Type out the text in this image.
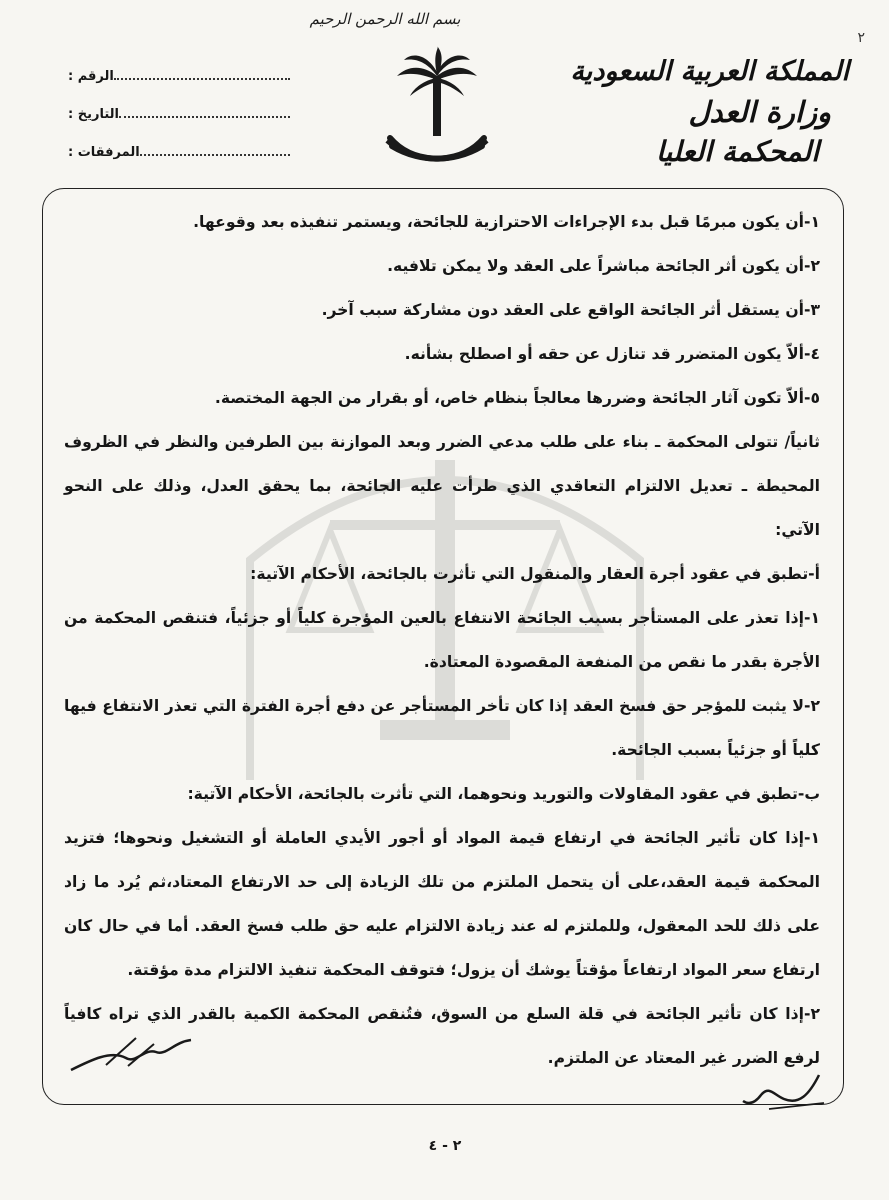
٢
بسم الله الرحمن الرحيم
المملكة العربية السعودية
وزارة العدل
المحكمة العليا
الرقم :
التاريخ :
المرفقات :

١-أن يكون مبرمًا قبل بدء الإجراءات الاحترازية للجائحة، ويستمر تنفيذه بعد وقوعها.

٢-أن يكون أثر الجائحة مباشراً على العقد ولا يمكن تلافيه.

٣-أن يستقل أثر الجائحة الواقع على العقد دون مشاركة سبب آخر.

٤-ألاّ يكون المتضرر قد تنازل عن حقه أو اصطلح بشأنه.

٥-ألاّ تكون آثار الجائحة وضررها معالجاً بنظام خاص، أو بقرار من الجهة المختصة.

ثانياً/ تتولى المحكمة ـ بناء على طلب مدعي الضرر وبعد الموازنة بين الطرفين والنظر في الظروف المحيطة ـ تعديل الالتزام التعاقدي الذي طرأت عليه الجائحة، بما يحقق العدل، وذلك على النحو الآتي:

أ-تطبق في عقود أجرة العقار والمنقول التي تأثرت بالجائحة، الأحكام الآتية:

١-إذا تعذر على المستأجر بسبب الجائحة الانتفاع بالعين المؤجرة كلياً أو جزئياً، فتنقص المحكمة من الأجرة بقدر ما نقص من المنفعة المقصودة المعتادة.

٢-لا يثبت للمؤجر حق فسخ العقد إذا كان تأخر المستأجر عن دفع أجرة الفترة التي تعذر الانتفاع فيها كلياً أو جزئياً بسبب الجائحة.

ب-تطبق في عقود المقاولات والتوريد ونحوهما، التي تأثرت بالجائحة، الأحكام الآتية:

١-إذا كان تأثير الجائحة في ارتفاع قيمة المواد أو أجور الأيدي العاملة أو التشغيل ونحوها؛ فتزيد المحكمة قيمة العقد،على أن يتحمل الملتزم من تلك الزيادة إلى حد الارتفاع المعتاد،ثم يُرد ما زاد على ذلك للحد المعقول، وللملتزم له عند زيادة الالتزام عليه حق طلب فسخ العقد. أما في حال كان ارتفاع سعر المواد ارتفاعاً مؤقتاً يوشك أن يزول؛ فتوقف المحكمة تنفيذ الالتزام مدة مؤقتة.

٢-إذا كان تأثير الجائحة في قلة السلع من السوق، فتُنقص المحكمة الكمية بالقدر الذي تراه كافياً لرفع الضرر غير المعتاد عن الملتزم.

٢ - ٤
